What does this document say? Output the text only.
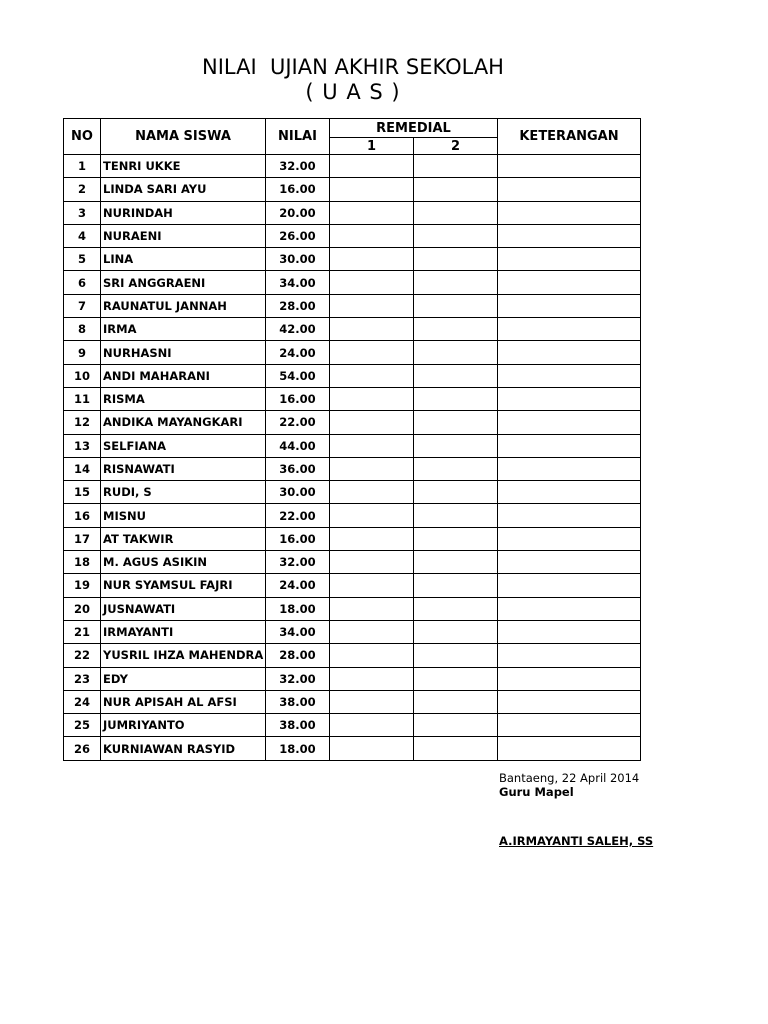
NILAI  UJIAN AKHIR SEKOLAH
( U A S )
NO	NAMA SISWA	NILAI	REMEDIAL		KETERANGAN
			1	2	
1	TENRI UKKE	32.00			
2	LINDA SARI AYU	16.00			
3	NURINDAH	20.00			
4	NURAENI	26.00			
5	LINA	30.00			
6	SRI ANGGRAENI	34.00			
7	RAUNATUL JANNAH	28.00			
8	IRMA	42.00			
9	NURHASNI	24.00			
10	ANDI MAHARANI	54.00			
11	RISMA	16.00			
12	ANDIKA MAYANGKARI	22.00			
13	SELFIANA	44.00			
14	RISNAWATI	36.00			
15	RUDI, S	30.00			
16	MISNU	22.00			
17	AT TAKWIR	16.00			
18	M. AGUS ASIKIN	32.00			
19	NUR SYAMSUL FAJRI	24.00			
20	JUSNAWATI	18.00			
21	IRMAYANTI	34.00			
22	YUSRIL IHZA MAHENDRA	28.00			
23	EDY	32.00			
24	NUR APISAH AL AFSI	38.00			
25	JUMRIYANTO	38.00			
26	KURNIAWAN RASYID	18.00			
Bantaeng, 22 April 2014
Guru Mapel
A.IRMAYANTI SALEH, SS
